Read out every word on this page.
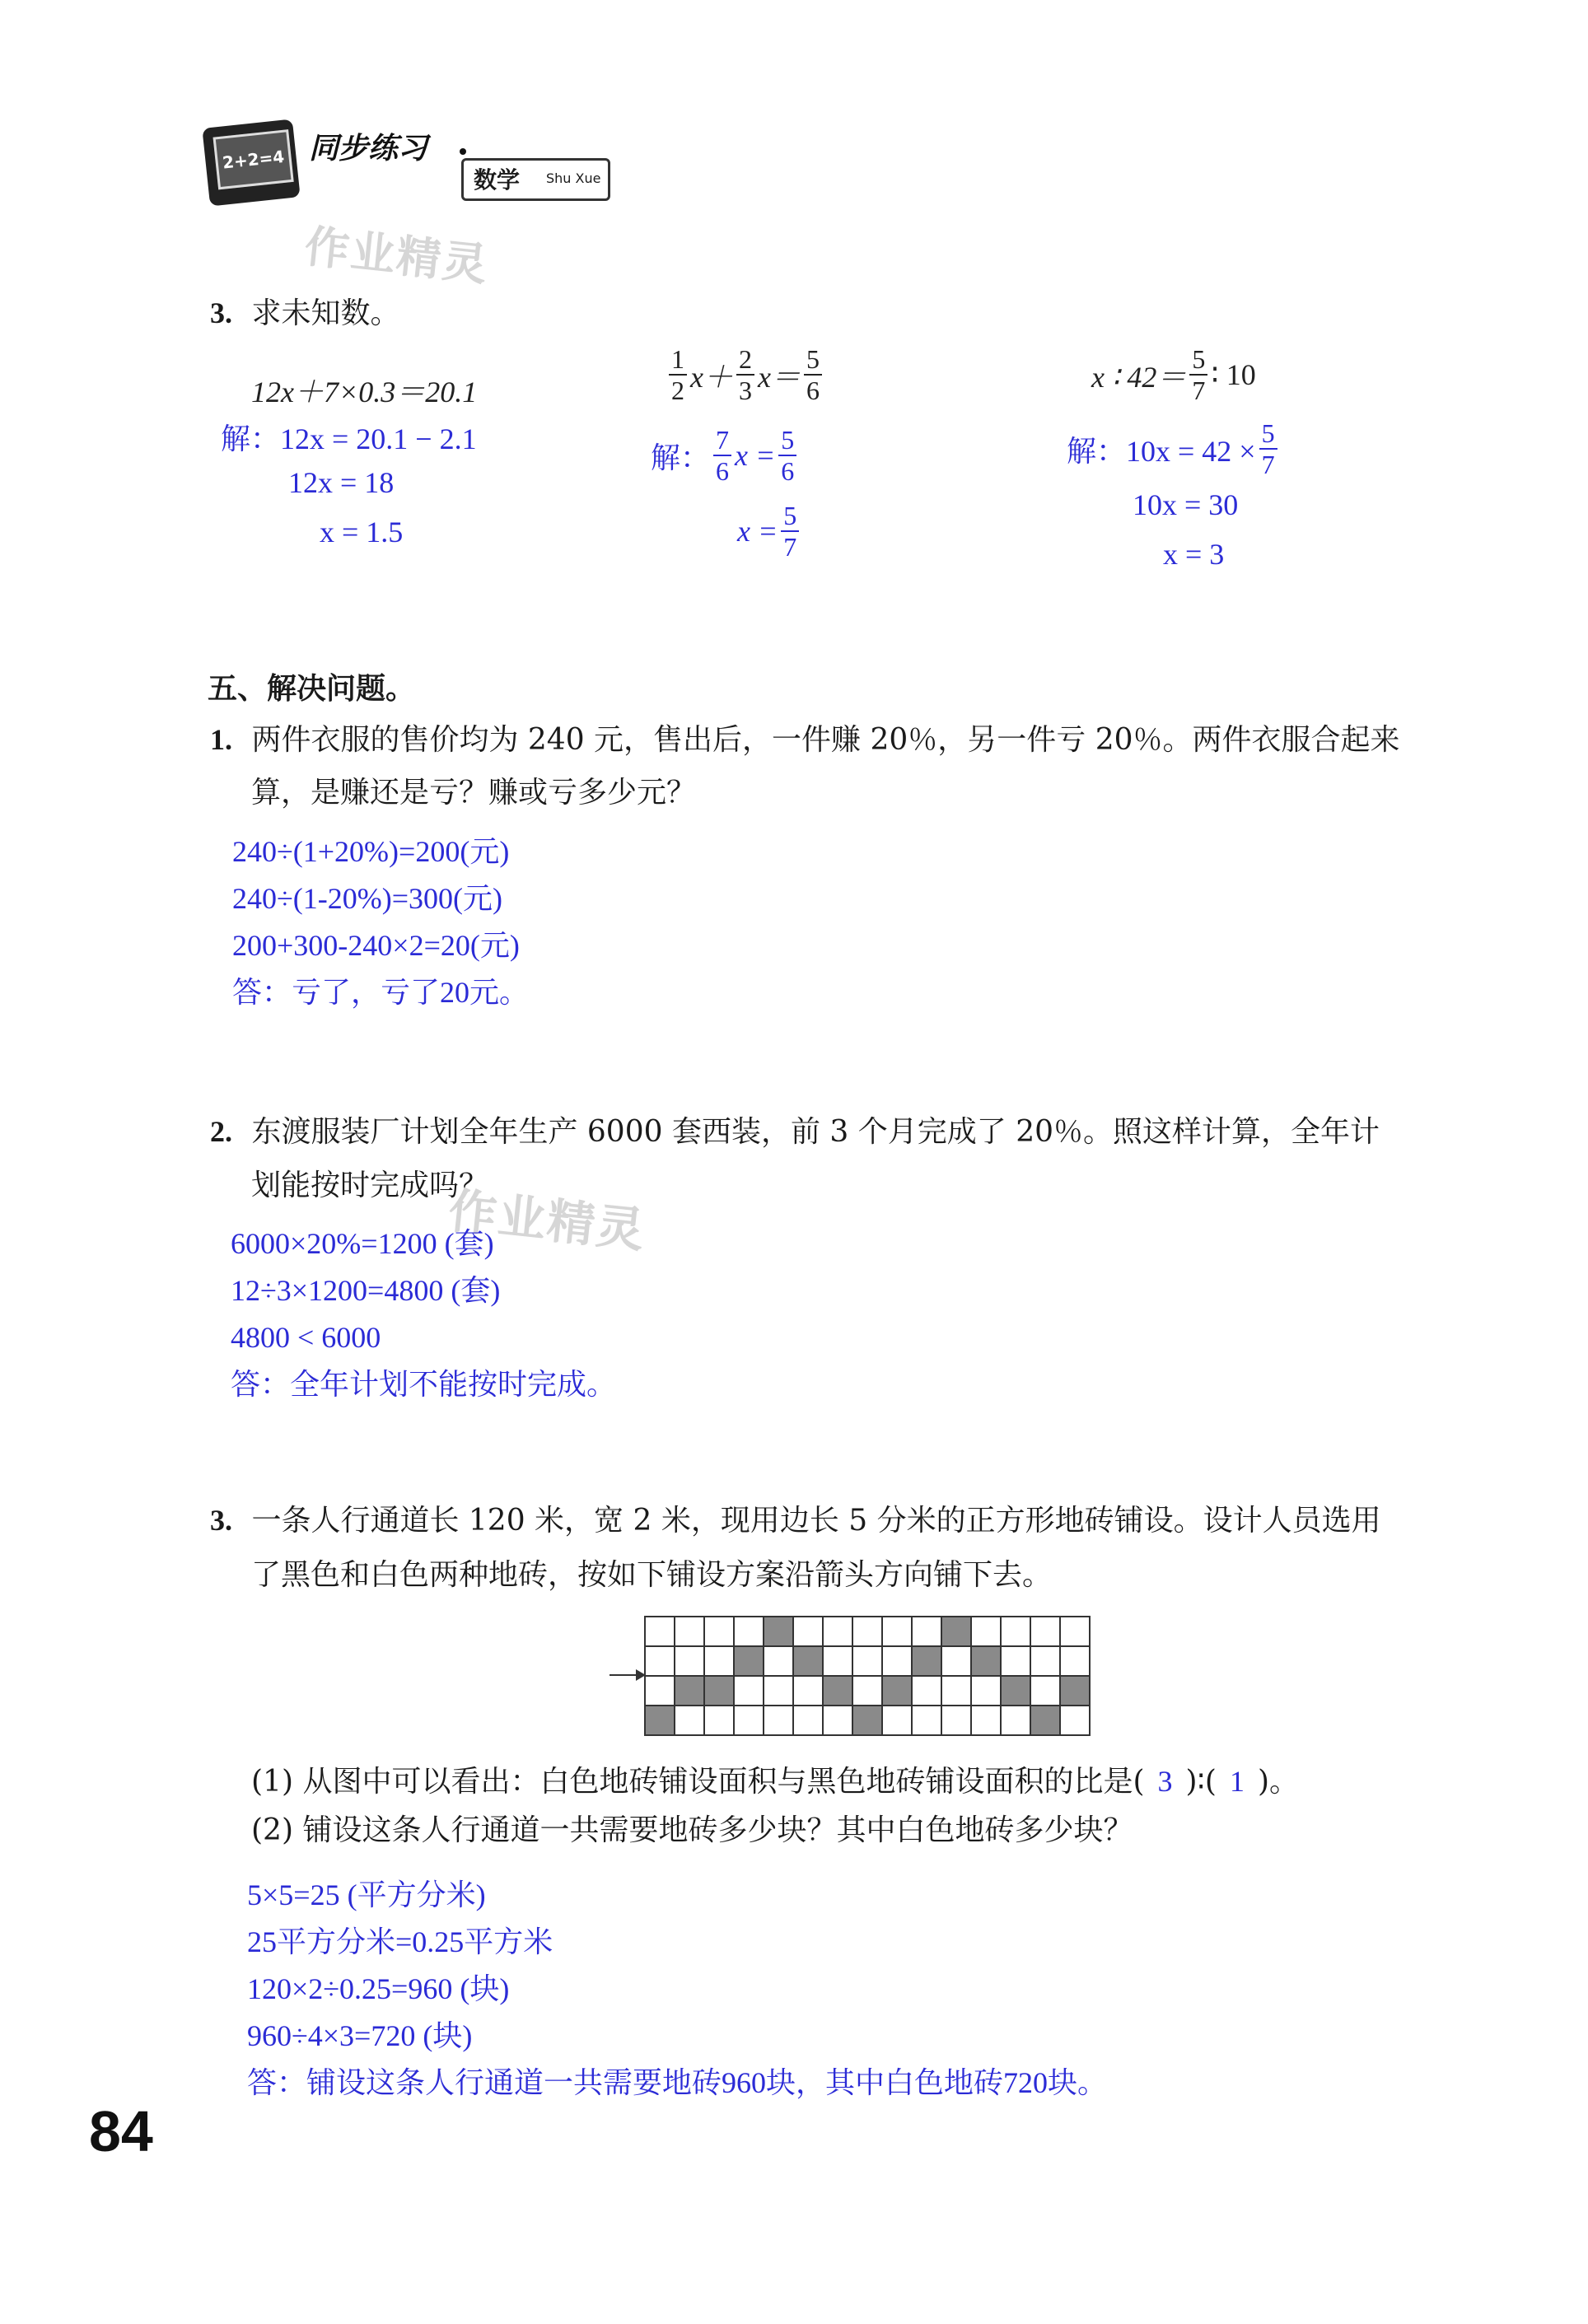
2+2=4 同步练习
数学 Shu Xue
作业精灵
3. 求未知数。
12x＋7×0.3＝20.1
解：12x = 20.1 − 2.1
12x = 18
x = 1.5
$\frac{1}{2} x+ \frac{2}{3} x= \frac{5}{6}$
解： $\frac{7}{6}$ $x = \frac{5}{6}$
$x = \frac{5}{7}$
x ∶ $42= \frac{5}{7}$ ∶ 10
解：$10x = 42 \times \frac{5}{7}$
10x = 30
x = 3
五、解决问题。
1. 两件衣服的售价均为 240 元，售出后，一件赚 20％，另一件亏 20％。两件衣服合起来
算，是赚还是亏？赚或亏多少元？
240÷(1+20%)=200(元)
240÷(1-20%)=300(元)
200+300-240×2=20(元)
答：亏了，亏了20元。
2. 东渡服装厂计划全年生产 6000 套西装，前 3 个月完成了 20％。照这样计算，全年计
划能按时完成吗？
作业精灵
6000×20%=1200 (套)
12÷3×1200=4800 (套)
4800 < 6000
答：全年计划不能按时完成。
3. 一条人行通道长 120 米，宽 2 米，现用边长 5 分米的正方形地砖铺设。设计人员选用
了黑色和白色两种地砖，按如下铺设方案沿箭头方向铺下去。

(1) 从图中可以看出：白色地砖铺设面积与黑色地砖铺设面积的比是( 3 )∶( 1 )。
(2) 铺设这条人行通道一共需要地砖多少块？其中白色地砖多少块？
5×5=25 (平方分米)
25平方分米=0.25平方米
120×2÷0.25=960 (块)
960÷4×3=720 (块)
答：铺设这条人行通道一共需要地砖960块，其中白色地砖720块。
84
